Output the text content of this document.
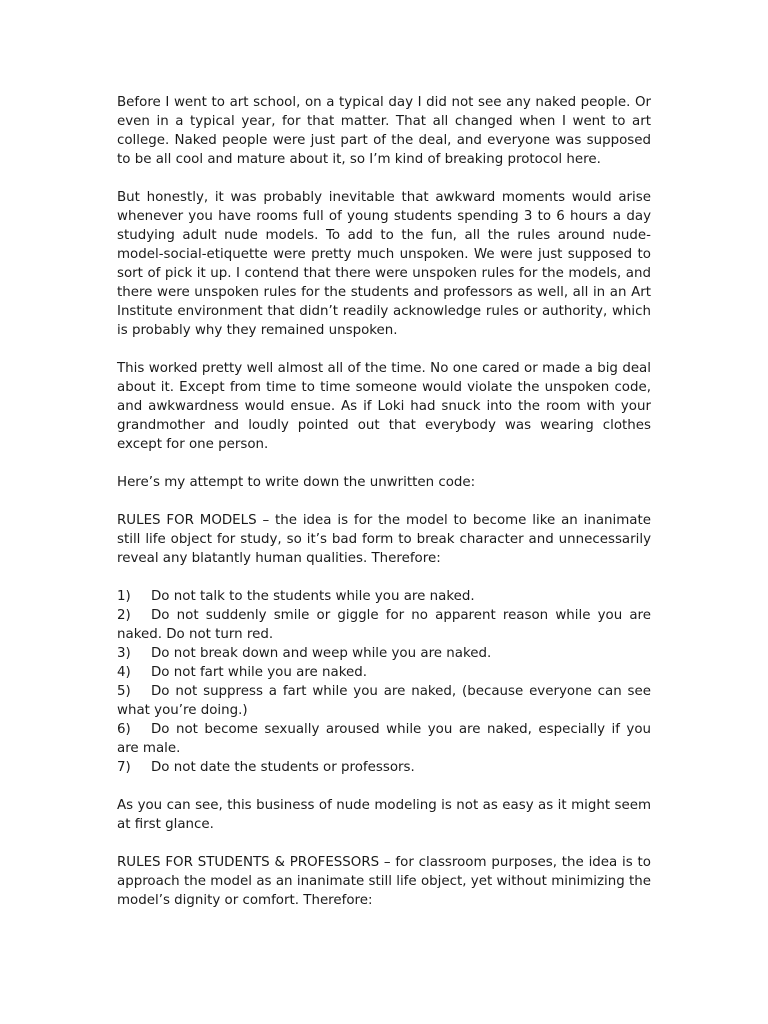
Before I went to art school, on a typical day I did not see any naked people. Or even in a typical year, for that matter. That all changed when I went to art college. Naked people were just part of the deal, and everyone was supposed to be all cool and mature about it, so I’m kind of breaking protocol here.

But honestly, it was probably inevitable that awkward moments would arise whenever you have rooms full of young students spending 3 to 6 hours a day studying adult nude models. To add to the fun, all the rules around nude-model-social-etiquette were pretty much unspoken. We were just supposed to sort of pick it up. I contend that there were unspoken rules for the models, and there were unspoken rules for the students and professors as well, all in an Art Institute environment that didn’t readily acknowledge rules or authority, which is probably why they remained unspoken.

This worked pretty well almost all of the time. No one cared or made a big deal about it. Except from time to time someone would violate the unspoken code, and awkwardness would ensue. As if Loki had snuck into the room with your grandmother and loudly pointed out that everybody was wearing clothes except for one person.

Here’s my attempt to write down the unwritten code:

RULES FOR MODELS – the idea is for the model to become like an inanimate still life object for study, so it’s bad form to break character and unnecessarily reveal any blatantly human qualities. Therefore:

1) Do not talk to the students while you are naked.

2) Do not suddenly smile or giggle for no apparent reason while you are naked. Do not turn red.

3) Do not break down and weep while you are naked.

4) Do not fart while you are naked.

5) Do not suppress a fart while you are naked, (because everyone can see what you’re doing.)

6) Do not become sexually aroused while you are naked, especially if you are male.

7) Do not date the students or professors.

As you can see, this business of nude modeling is not as easy as it might seem at first glance.

RULES FOR STUDENTS & PROFESSORS – for classroom purposes, the idea is to approach the model as an inanimate still life object, yet without minimizing the model’s dignity or comfort. Therefore:
